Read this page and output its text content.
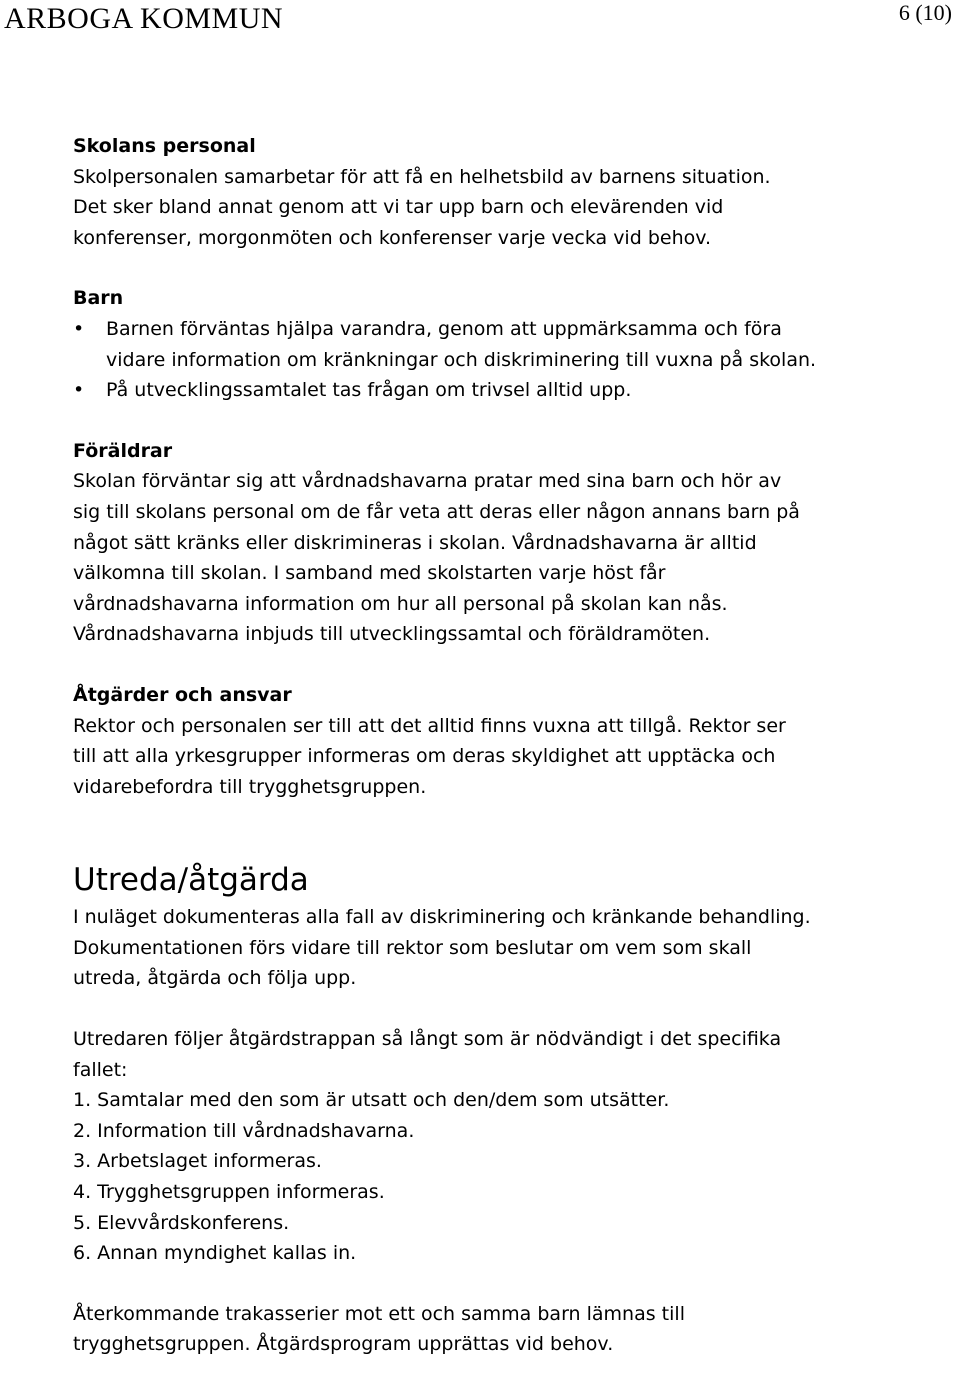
ARBOGA KOMMUN	6 (10)

Skolans personal

Skolpersonalen samarbetar för att få en helhetsbild av barnens situation.

Det sker bland annat genom att vi tar upp barn och elevärenden vid

konferenser, morgonmöten och konferenser varje vecka vid behov.

Barn

• Barnen förväntas hjälpa varandra, genom att uppmärksamma och föra
vidare information om kränkningar och diskriminering till vuxna på skolan.
• På utvecklingssamtalet tas frågan om trivsel alltid upp.

Föräldrar

Skolan förväntar sig att vårdnadshavarna pratar med sina barn och hör av

sig till skolans personal om de får veta att deras eller någon annans barn på

något sätt kränks eller diskrimineras i skolan. Vårdnadshavarna är alltid

välkomna till skolan. I samband med skolstarten varje höst får

vårdnadshavarna information om hur all personal på skolan kan nås.

Vårdnadshavarna inbjuds till utvecklingssamtal och föräldramöten.

Åtgärder och ansvar

Rektor och personalen ser till att det alltid finns vuxna att tillgå. Rektor ser

till att alla yrkesgrupper informeras om deras skyldighet att upptäcka och

vidarebefordra till trygghetsgruppen.

Utreda/åtgärda

I nuläget dokumenteras alla fall av diskriminering och kränkande behandling.

Dokumentationen förs vidare till rektor som beslutar om vem som skall

utreda, åtgärda och följa upp.

Utredaren följer åtgärdstrappan så långt som är nödvändigt i det specifika

fallet:

1. Samtalar med den som är utsatt och den/dem som utsätter.

2. Information till vårdnadshavarna.

3. Arbetslaget informeras.

4. Trygghetsgruppen informeras.

5. Elevvårdskonferens.

6. Annan myndighet kallas in.

Återkommande trakasserier mot ett och samma barn lämnas till

trygghetsgruppen. Åtgärdsprogram upprättas vid behov.
